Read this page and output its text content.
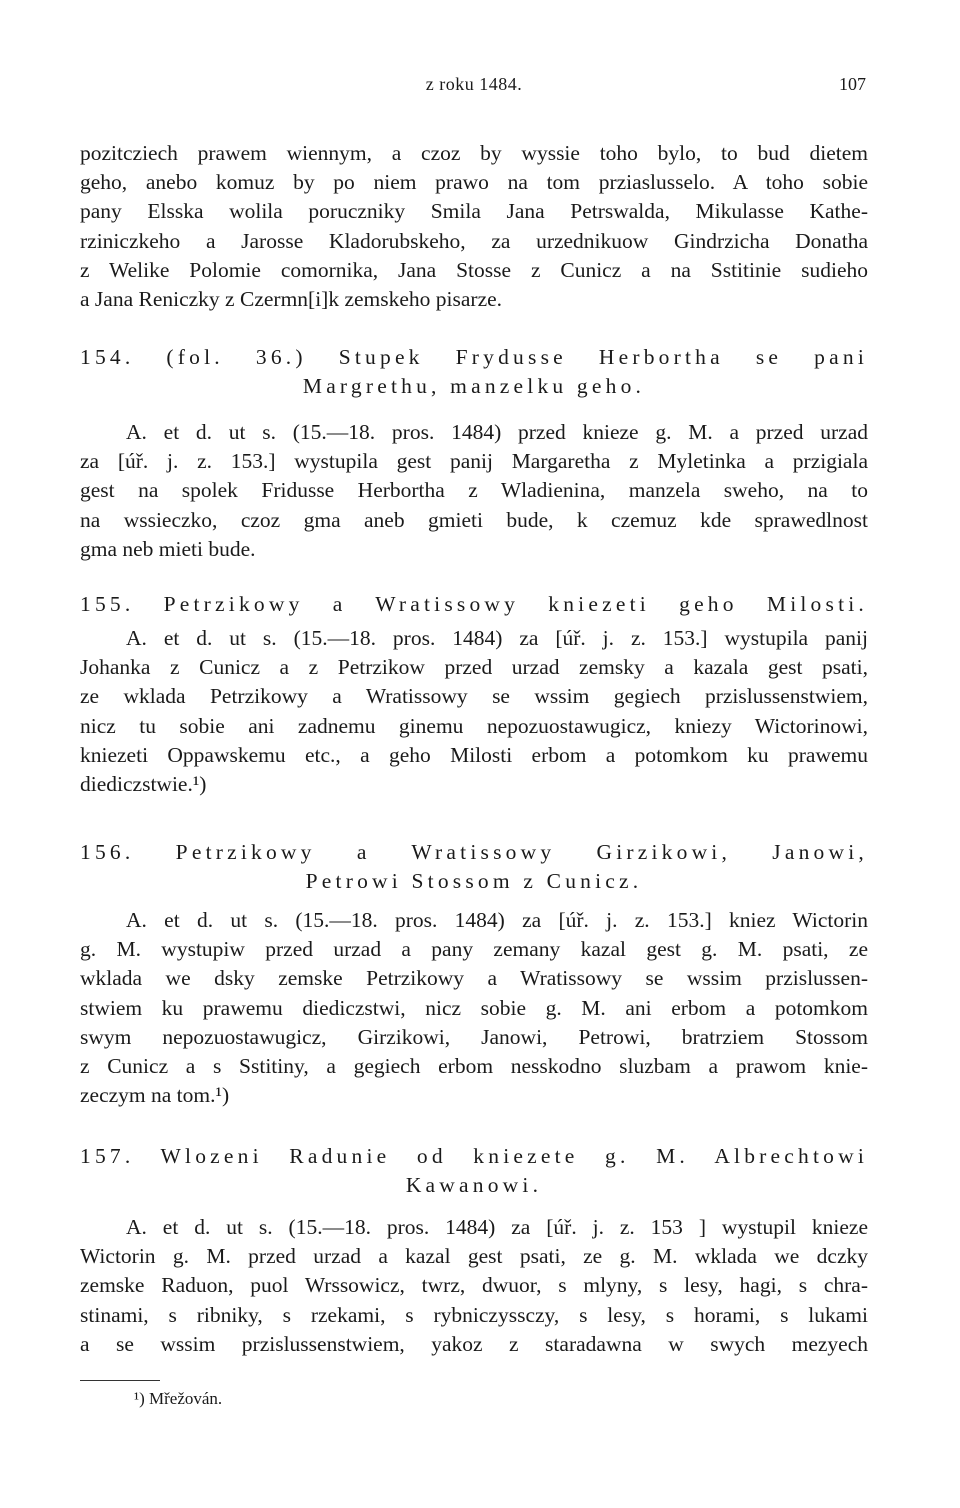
z roku 1484.	107
pozitcziech prawem wiennym, a czoz by wyssie toho bylo, to bud dietem
geho, anebo komuz by po niem prawo na tom prziaslusselo. A toho sobie
pany Elsska wolila poruczniky Smila Jana Petrswalda, Mikulasse Kathe-
rziniczkeho a Jarosse Kladorubskeho, za urzednikuow Gindrzicha Donatha
z Welike Polomie comornika, Jana Stosse z Cunicz a na Sstitinie sudieho
a Jana Reniczky z Czermn[i]k zemskeho pisarze.
154. (fol. 36.) Stupek Frydusse Herbortha se pani
Margrethu, manzelku geho.
A. et d. ut s. (15.—18. pros. 1484) przed knieze g. M. a przed urzad
za [úř. j. z. 153.] wystupila gest panij Margaretha z Myletinka a przigiala
gest na spolek Fridusse Herbortha z Wladienina, manzela sweho, na to
na wssieczko, czoz gma aneb gmieti bude, k czemuz kde sprawedlnost
gma neb mieti bude.
155. Petrzikowy a Wratissowy kniezeti geho Milosti.
A. et d. ut s. (15.—18. pros. 1484) za [úř. j. z. 153.] wystupila panij
Johanka z Cunicz a z Petrzikow przed urzad zemsky a kazala gest psati,
ze wklada Petrzikowy a Wratissowy se wssim gegiech przislussenstwiem,
nicz tu sobie ani zadnemu ginemu nepozuostawugicz, kniezy Wictorinowi,
kniezeti Oppawskemu etc., a geho Milosti erbom a potomkom ku prawemu
diediczstwie.¹)
156. Petrzikowy a Wratissowy Girzikowi, Janowi,
Petrowi Stossom z Cunicz.
A. et d. ut s. (15.—18. pros. 1484) za [úř. j. z. 153.] kniez Wictorin
g. M. wystupiw przed urzad a pany zemany kazal gest g. M. psati, ze
wklada we dsky zemske Petrzikowy a Wratissowy se wssim przislussen-
stwiem ku prawemu diediczstwi, nicz sobie g. M. ani erbom a potomkom
swym nepozuostawugicz, Girzikowi, Janowi, Petrowi, bratrziem Stossom
z Cunicz a s Sstitiny, a gegiech erbom nesskodno sluzbam a prawom knie-
zeczym na tom.¹)
157. Wlozeni Radunie od kniezete g. M. Albrechtowi
Kawanowi.
A. et d. ut s. (15.—18. pros. 1484) za [úř. j. z. 153 ] wystupil knieze
Wictorin g. M. przed urzad a kazal gest psati, ze g. M. wklada we dczky
zemske Raduon, puol Wrssowicz, twrz, dwuor, s mlyny, s lesy, hagi, s chra-
stinami, s ribniky, s rzekami, s rybniczyssczy, s lesy, s horami, s lukami
a se wssim przislussenstwiem, yakoz z staradawna w swych mezyech
¹) Mřežován.
